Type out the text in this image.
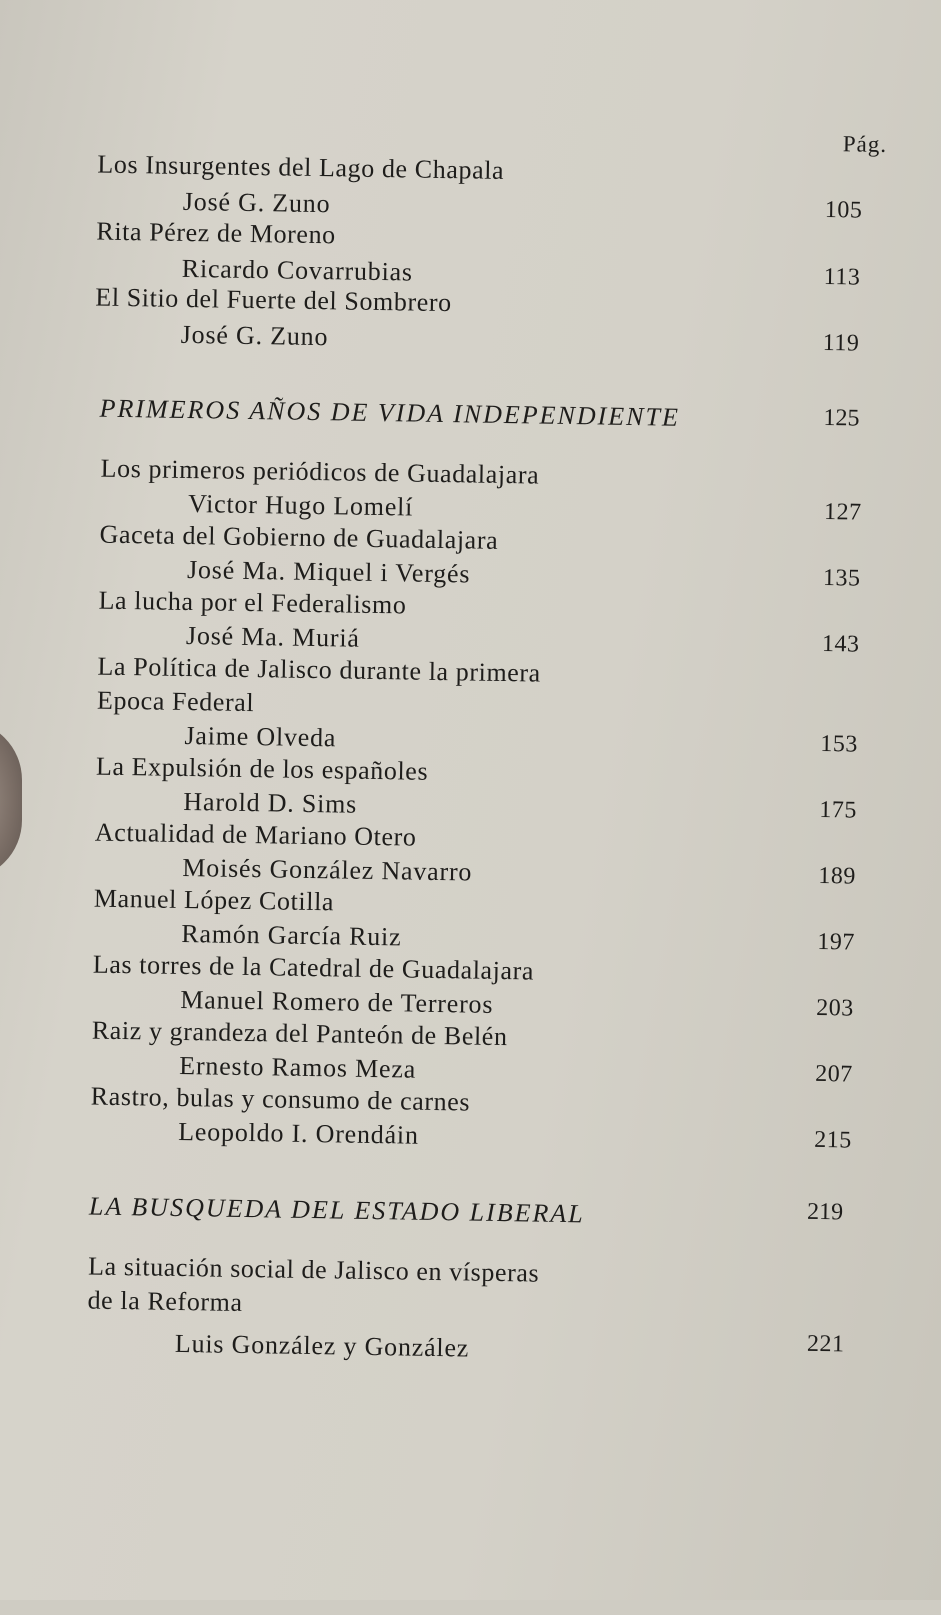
Pág.
Los Insurgentes del Lago de Chapala
José G. Zuno	105
Rita Pérez de Moreno
Ricardo Covarrubias	113
El Sitio del Fuerte del Sombrero
José G. Zuno	119
PRIMEROS AÑOS DE VIDA INDEPENDIENTE	125
Los primeros periódicos de Guadalajara
Victor Hugo Lomelí	127
Gaceta del Gobierno de Guadalajara
José Ma. Miquel i Vergés	135
La lucha por el Federalismo
José Ma. Muriá	143
La Política de Jalisco durante la primera
Epoca Federal
Jaime Olveda	153
La Expulsión de los españoles
Harold D. Sims	175
Actualidad de Mariano Otero
Moisés González Navarro	189
Manuel López Cotilla
Ramón García Ruiz	197
Las torres de la Catedral de Guadalajara
Manuel Romero de Terreros	203
Raiz y grandeza del Panteón de Belén
Ernesto Ramos Meza	207
Rastro, bulas y consumo de carnes
Leopoldo I. Orendáin	215
LA BUSQUEDA DEL ESTADO LIBERAL	219
La situación social de Jalisco en vísperas
de la Reforma
Luis González y González	221
